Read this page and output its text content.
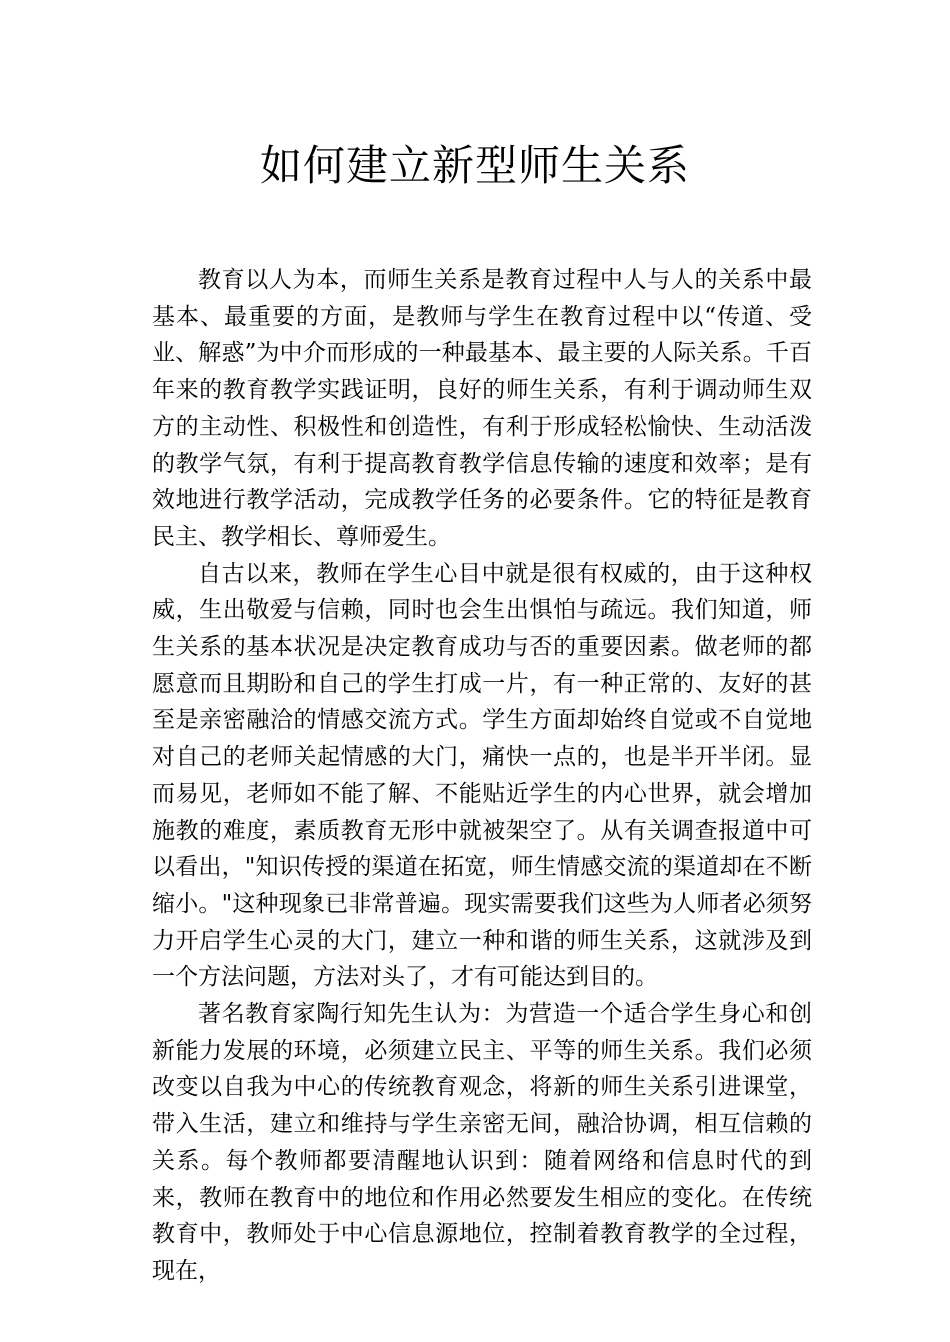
如何建立新型师生关系

教育以人为本，而师生关系是教育过程中人与人的关系中最基本、最重要的方面，是教师与学生在教育过程中以“传道、受业、解惑”为中介而形成的一种最基本、最主要的人际关系。千百年来的教育教学实践证明，良好的师生关系，有利于调动师生双方的主动性、积极性和创造性，有利于形成轻松愉快、生动活泼的教学气氛，有利于提高教育教学信息传输的速度和效率；是有效地进行教学活动，完成教学任务的必要条件。它的特征是教育民主、教学相长、尊师爱生。

自古以来，教师在学生心目中就是很有权威的，由于这种权威，生出敬爱与信赖，同时也会生出惧怕与疏远。我们知道，师生关系的基本状况是决定教育成功与否的重要因素。做老师的都愿意而且期盼和自己的学生打成一片，有一种正常的、友好的甚至是亲密融洽的情感交流方式。学生方面却始终自觉或不自觉地对自己的老师关起情感的大门，痛快一点的，也是半开半闭。显而易见，老师如不能了解、不能贴近学生的内心世界，就会增加施教的难度，素质教育无形中就被架空了。从有关调查报道中可以看出，"知识传授的渠道在拓宽，师生情感交流的渠道却在不断缩小。"这种现象已非常普遍。现实需要我们这些为人师者必须努力开启学生心灵的大门，建立一种和谐的师生关系，这就涉及到一个方法问题，方法对头了，才有可能达到目的。

著名教育家陶行知先生认为：为营造一个适合学生身心和创新能力发展的环境，必须建立民主、平等的师生关系。我们必须改变以自我为中心的传统教育观念，将新的师生关系引进课堂，带入生活，建立和维持与学生亲密无间，融洽协调，相互信赖的关系。每个教师都要清醒地认识到：随着网络和信息时代的到来，教师在教育中的地位和作用必然要发生相应的变化。在传统教育中，教师处于中心信息源地位，控制着教育教学的全过程，现在，
